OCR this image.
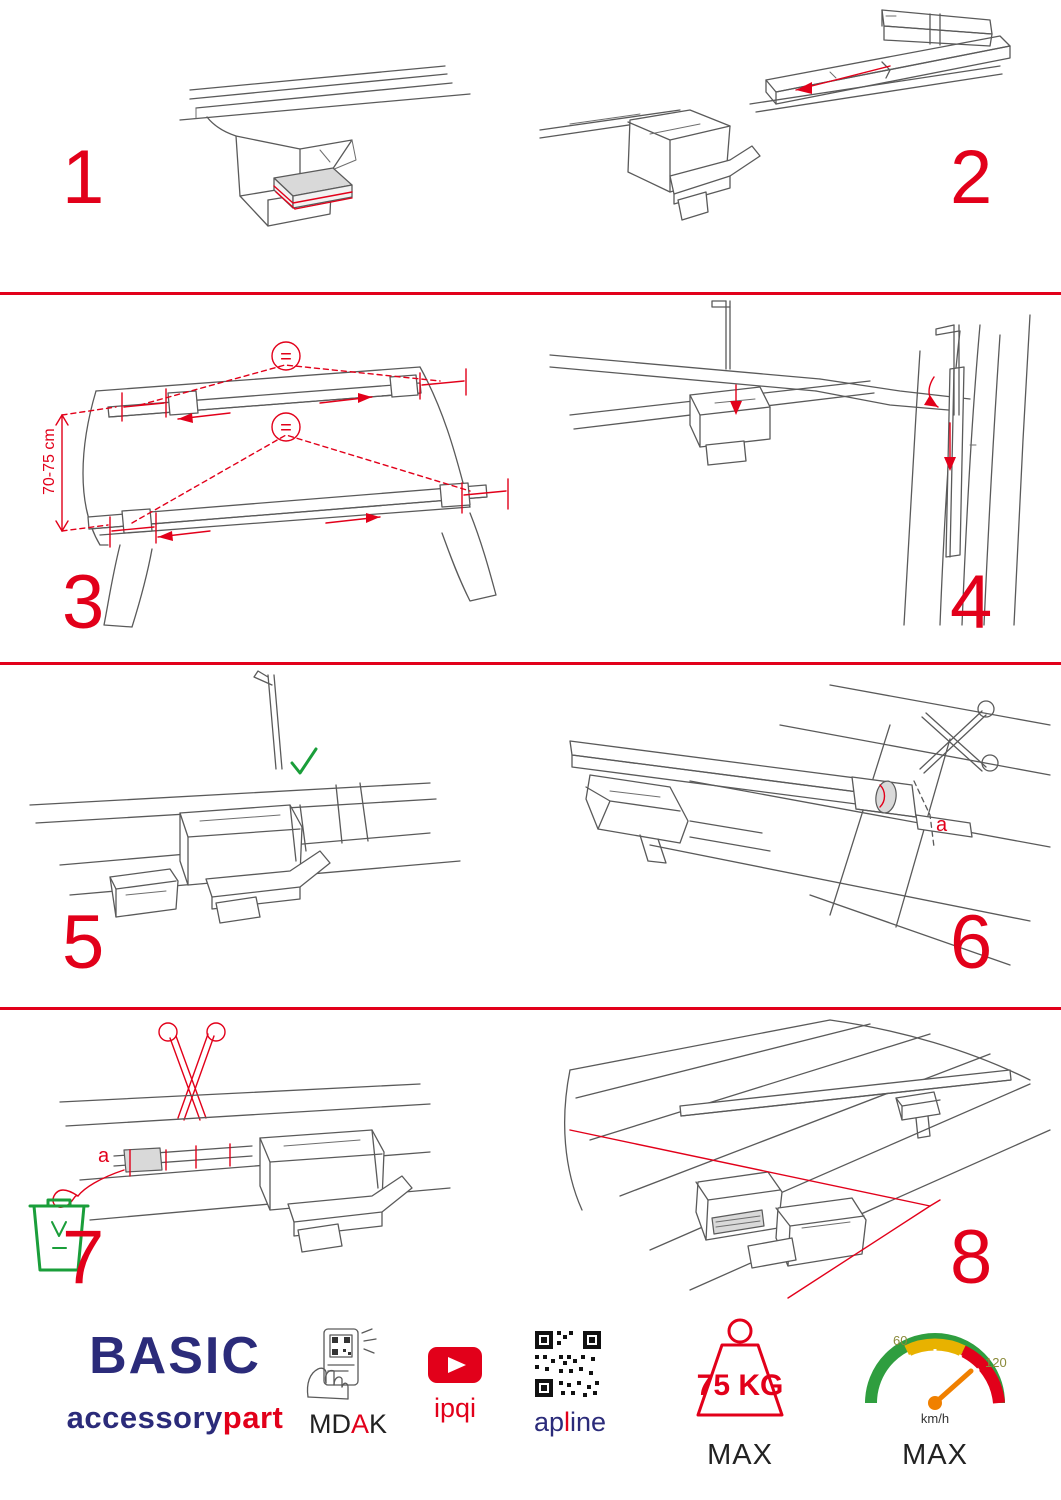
1	2
=
=
70-75 cm
3	4
5
a
6
a
7	8
BASIC
accessorypart MDAK
ipqi	apline
75 KG
MAX
60
120
km/h
MAX
